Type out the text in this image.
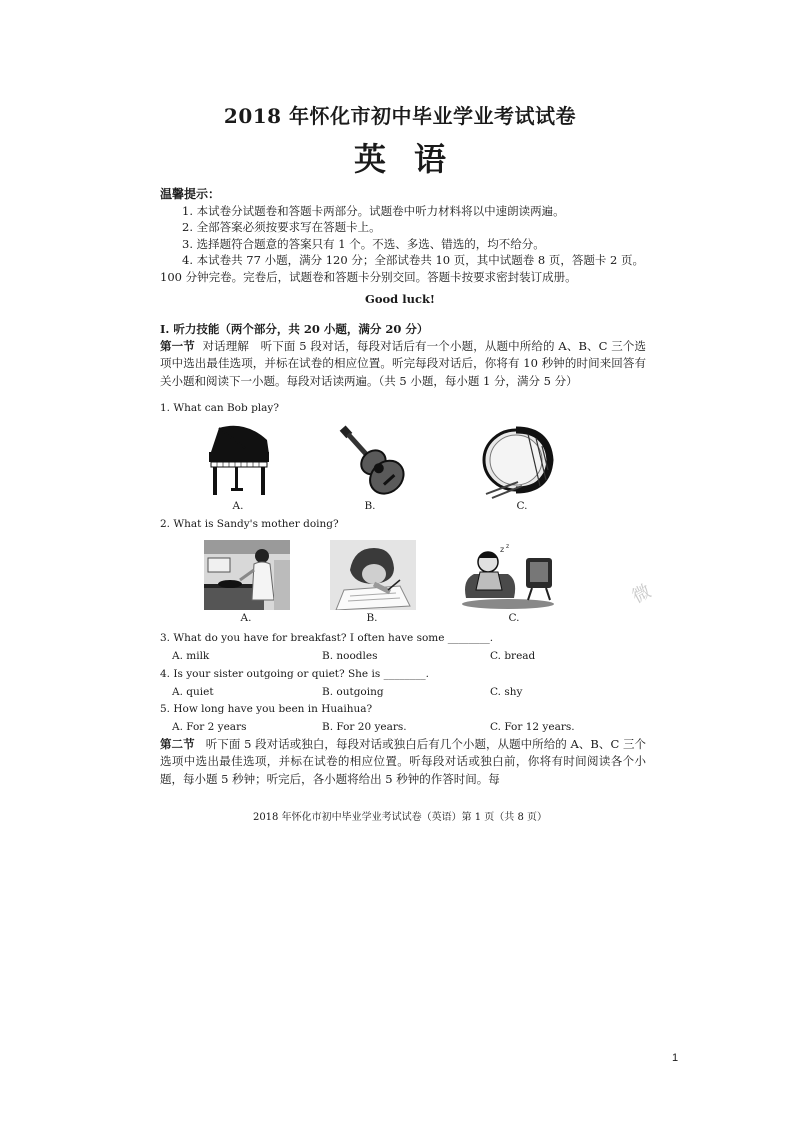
2018 年怀化市初中毕业学业考试试卷
英语
温馨提示：
1. 本试卷分试题卷和答题卡两部分。试题卷中听力材料将以中速朗读两遍。
2. 全部答案必须按要求写在答题卡上。
3. 选择题符合题意的答案只有 1 个。不选、多选、错选的，均不给分。
4. 本试卷共 77 小题，满分 120 分；全部试卷共 10 页，其中试题卷 8 页，答题卡 2 页。
100 分钟完卷。完卷后，试题卷和答题卡分别交回。答题卡按要求密封装订成册。
Good luck!
Ⅰ. 听力技能（两个部分，共 20 小题，满分 20 分）
第一节 对话理解　听下面 5 段对话，每段对话后有一个小题，从题中所给的 A、B、C 三个选项中选出最佳选项，并标在试卷的相应位置。听完每段对话后，你将有 10 秒钟的时间来回答有关小题和阅读下一小题。每段对话读两遍。（共 5 小题，每小题 1 分，满分 5 分）
1. What can Bob play?
A.	B.	C.
2. What is Sandy's mother doing?
A.	B.
z z
C.
3. What do you have for breakfast? I often have some ________.
A. milk	B. noodles	C. bread
4. Is your sister outgoing or quiet? She is ________.
A. quiet	B. outgoing	C. shy
5. How long have you been in Huaihua?
A. For 2 years	B. For 20 years.	C. For 12 years.
第二节 听下面 5 段对话或独白，每段对话或独白后有几个小题，从题中所给的 A、B、C 三个选项中选出最佳选项，并标在试卷的相应位置。听每段对话或独白前，你将有时间阅读各个小题，每小题 5 秒钟；听完后，各小题将给出 5 秒钟的作答时间。每
2018 年怀化市初中毕业学业考试试卷（英语）第 1 页（共 8 页）
微
1
